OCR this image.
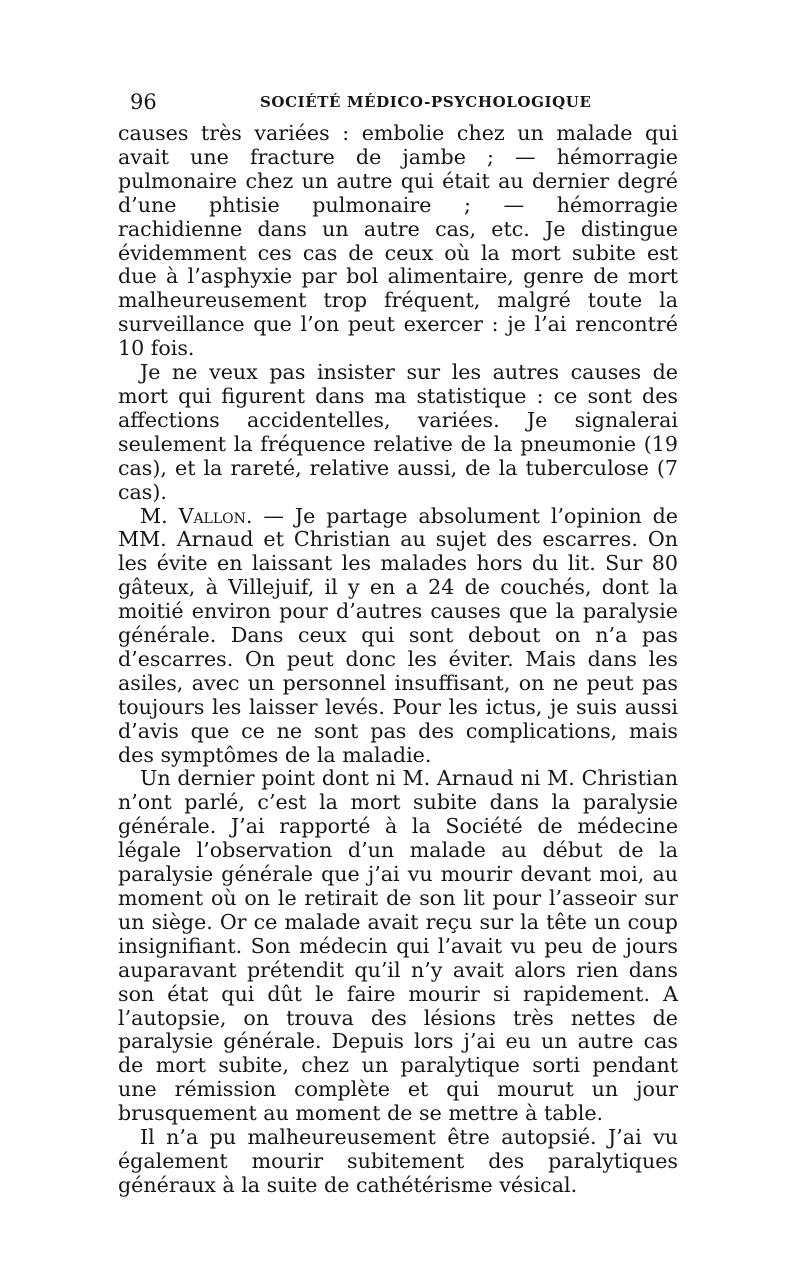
96	SOCIÉTÉ MÉDICO-PSYCHOLOGIQUE

causes très variées : embolie chez un malade qui avait une fracture de jambe ; — hémorragie pulmonaire chez un autre qui était au dernier degré d’une phtisie pulmonaire ; — hémorragie rachidienne dans un autre cas, etc. Je distingue évidemment ces cas de ceux où la mort subite est due à l’asphyxie par bol alimentaire, genre de mort malheureusement trop fréquent, malgré toute la surveillance que l’on peut exercer : je l’ai rencontré 10 fois.

Je ne veux pas insister sur les autres causes de mort qui figurent dans ma statistique : ce sont des affections accidentelles, variées. Je signalerai seulement la fréquence relative de la pneumonie (19 cas), et la rareté, relative aussi, de la tuberculose (7 cas).

M. Vallon. — Je partage absolument l’opinion de MM. Arnaud et Christian au sujet des escarres. On les évite en laissant les malades hors du lit. Sur 80 gâteux, à Villejuif, il y en a 24 de couchés, dont la moitié environ pour d’autres causes que la paralysie générale. Dans ceux qui sont debout on n’a pas d’escarres. On peut donc les éviter. Mais dans les asiles, avec un personnel insuffisant, on ne peut pas toujours les laisser levés. Pour les ictus, je suis aussi d’avis que ce ne sont pas des complications, mais des symptômes de la maladie.

Un dernier point dont ni M. Arnaud ni M. Christian n’ont parlé, c’est la mort subite dans la paralysie générale. J’ai rapporté à la Société de médecine légale l’observation d’un malade au début de la paralysie générale que j’ai vu mourir devant moi, au moment où on le retirait de son lit pour l’asseoir sur un siège. Or ce malade avait reçu sur la tête un coup insignifiant. Son médecin qui l’avait vu peu de jours auparavant prétendit qu’il n’y avait alors rien dans son état qui dût le faire mourir si rapidement. A l’autopsie, on trouva des lésions très nettes de paralysie générale. Depuis lors j’ai eu un autre cas de mort subite, chez un paralytique sorti pendant une rémission complète et qui mourut un jour brusquement au moment de se mettre à table.

Il n’a pu malheureusement être autopsié. J’ai vu également mourir subitement des paralytiques généraux à la suite de cathétérisme vésical.
